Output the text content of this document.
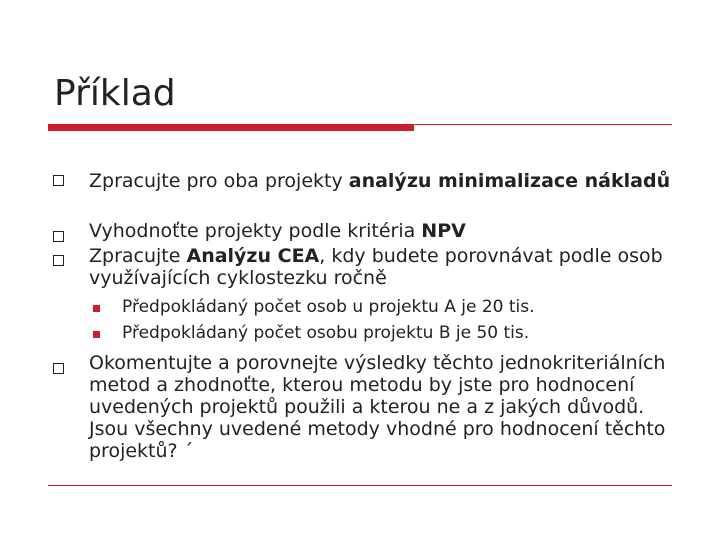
Příklad
Zpracujte pro oba projekty analýzu minimalizace nákladů
Vyhodnoťte projekty podle kritéria NPV
Zpracujte Analýzu CEA, kdy budete porovnávat podle osob využívajících cyklostezku ročně
Předpokládaný počet osob u projektu A je 20 tis.
Předpokládaný počet osobu projektu B je 50 tis.
Okomentujte a porovnejte výsledky těchto jednokriteriálních metod a zhodnoťte, kterou metodu by jste pro hodnocení uvedených projektů použili a kterou ne a z jakých důvodů. Jsou všechny uvedené metody vhodné pro hodnocení těchto projektů? ´
